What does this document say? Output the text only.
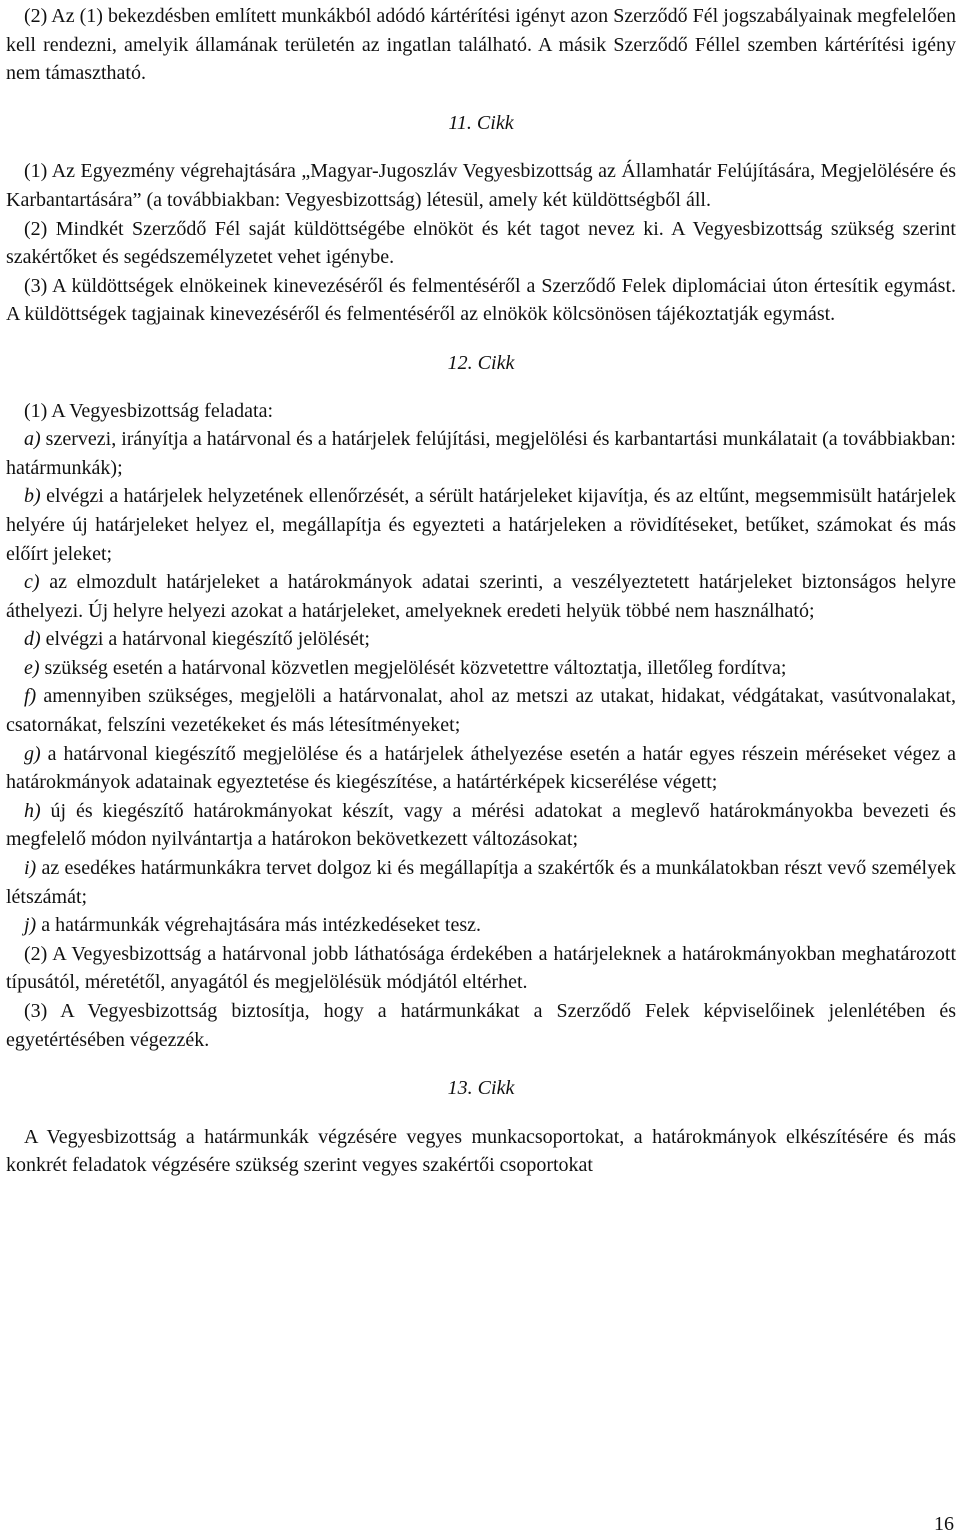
(2) Az (1) bekezdésben említett munkákból adódó kártérítési igényt azon Szerződő Fél jogszabályainak megfelelően kell rendezni, amelyik államának területén az ingatlan található. A másik Szerződő Féllel szemben kártérítési igény nem támasztható.

11. Cikk

(1) Az Egyezmény végrehajtására „Magyar-Jugoszláv Vegyesbizottság az Államhatár Felújítására, Megjelölésére és Karbantartására” (a továbbiakban: Vegyesbizottság) létesül, amely két küldöttségből áll.

(2) Mindkét Szerződő Fél saját küldöttségébe elnököt és két tagot nevez ki. A Vegyesbizottság szükség szerint szakértőket és segédszemélyzetet vehet igénybe.

(3) A küldöttségek elnökeinek kinevezéséről és felmentéséről a Szerződő Felek diplomáciai úton értesítik egymást. A küldöttségek tagjainak kinevezéséről és felmentéséről az elnökök kölcsönösen tájékoztatják egymást.

12. Cikk

(1) A Vegyesbizottság feladata:

a) szervezi, irányítja a határvonal és a határjelek felújítási, megjelölési és karbantartási munkálatait (a továbbiakban: határmunkák);

b) elvégzi a határjelek helyzetének ellenőrzését, a sérült határjeleket kijavítja, és az eltűnt, megsemmisült határjelek helyére új határjeleket helyez el, megállapítja és egyezteti a határjeleken a rövidítéseket, betűket, számokat és más előírt jeleket;

c) az elmozdult határjeleket a határokmányok adatai szerinti, a veszélyeztetett határjeleket biztonságos helyre áthelyezi. Új helyre helyezi azokat a határjeleket, amelyeknek eredeti helyük többé nem használható;

d) elvégzi a határvonal kiegészítő jelölését;

e) szükség esetén a határvonal közvetlen megjelölését közvetettre változtatja, illetőleg fordítva;

f) amennyiben szükséges, megjelöli a határvonalat, ahol az metszi az utakat, hidakat, védgátakat, vasútvonalakat, csatornákat, felszíni vezetékeket és más létesítményeket;

g) a határvonal kiegészítő megjelölése és a határjelek áthelyezése esetén a határ egyes részein méréseket végez a határokmányok adatainak egyeztetése és kiegészítése, a határtérképek kicserélése végett;

h) új és kiegészítő határokmányokat készít, vagy a mérési adatokat a meglevő határokmányokba bevezeti és megfelelő módon nyilvántartja a határokon bekövetkezett változásokat;

i) az esedékes határmunkákra tervet dolgoz ki és megállapítja a szakértők és a munkálatokban részt vevő személyek létszámát;

j) a határmunkák végrehajtására más intézkedéseket tesz.

(2) A Vegyesbizottság a határvonal jobb láthatósága érdekében a határjeleknek a határokmányokban meghatározott típusától, méretétől, anyagától és megjelölésük módjától eltérhet.

(3) A Vegyesbizottság biztosítja, hogy a határmunkákat a Szerződő Felek képviselőinek jelenlétében és egyetértésében végezzék.

13. Cikk

A Vegyesbizottság a határmunkák végzésére vegyes munkacsoportokat, a határokmányok elkészítésére és más konkrét feladatok végzésére szükség szerint vegyes szakértői csoportokat

16
